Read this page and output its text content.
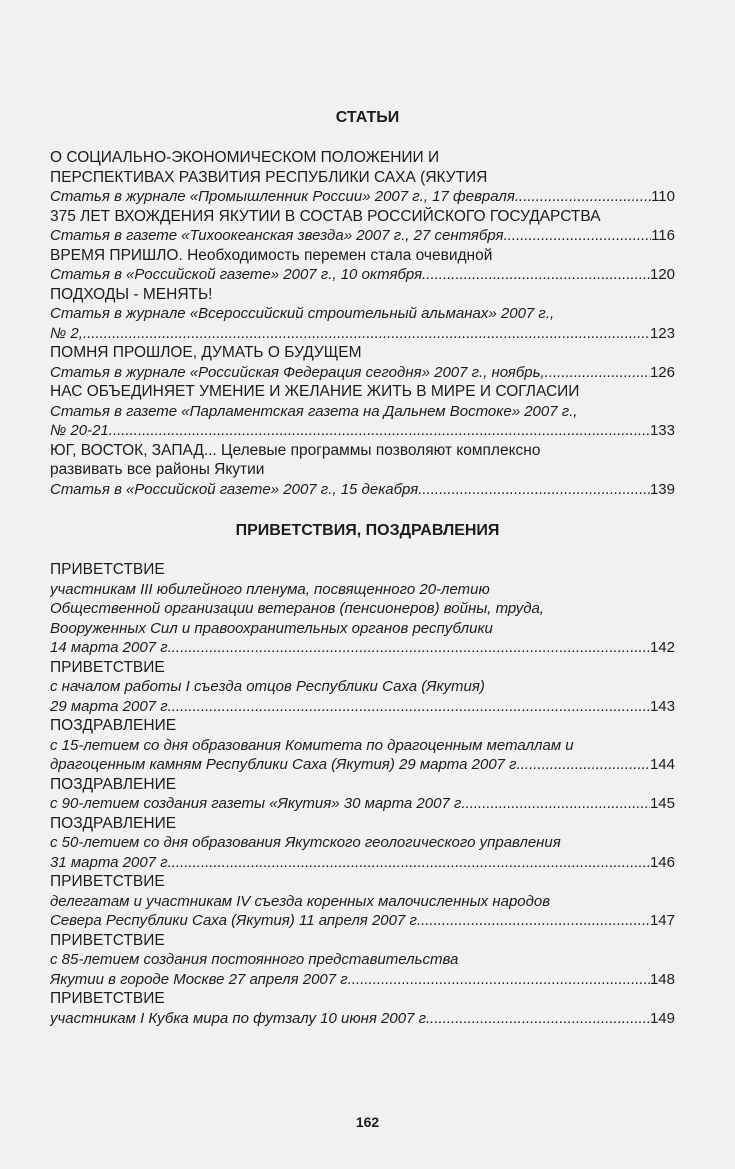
СТАТЬИ
О СОЦИАЛЬНО-ЭКОНОМИЧЕСКОМ ПОЛОЖЕНИИ И
ПЕРСПЕКТИВАХ РАЗВИТИЯ РЕСПУБЛИКИ САХА (ЯКУТИЯ
Статья в журнале «Промышленник России» 2007 г., 17 февраля .....	110
375 ЛЕТ ВХОЖДЕНИЯ ЯКУТИИ В СОСТАВ РОССИЙСКОГО ГОСУДАРСТВА
Статья в газете «Тихоокеанская звезда» 2007 г., 27 сентября .....	116
ВРЕМЯ ПРИШЛО. Необходимость перемен стала очевидной
Статья в «Российской газете» 2007 г., 10 октября .....	120
ПОДХОДЫ - МЕНЯТЬ!
Статья в журнале «Всероссийский строительный альманах» 2007 г.,
№ 2, .....	123
ПОМНЯ ПРОШЛОЕ, ДУМАТЬ О БУДУЩЕМ
Статья в журнале «Российская Федерация сегодня» 2007 г., ноябрь, .....	126
НАС ОБЪЕДИНЯЕТ УМЕНИЕ И ЖЕЛАНИЕ ЖИТЬ В МИРЕ И СОГЛАСИИ
Статья в газете «Парламентская газета на Дальнем Востоке» 2007 г.,
№ 20-21. .....	133
ЮГ, ВОСТОК, ЗАПАД... Целевые программы позволяют комплексно
развивать все районы Якутии
Статья в «Российской газете» 2007 г., 15 декабря .....	139
ПРИВЕТСТВИЯ, ПОЗДРАВЛЕНИЯ
ПРИВЕТСТВИЕ
участникам III юбилейного пленума, посвященного 20-летию
Общественной организации ветеранов (пенсионеров) войны, труда,
Вооруженных Сил и правоохранительных органов республики
14 марта 2007 г. .....	142
ПРИВЕТСТВИЕ
с началом работы I съезда отцов Республики Саха (Якутия)
29 марта 2007 г. .....	143
ПОЗДРАВЛЕНИЕ
с 15-летием со дня образования Комитета по драгоценным металлам и
драгоценным камням Республики Саха (Якутия) 29 марта 2007 г. .....	144
ПОЗДРАВЛЕНИЕ
с 90-летием создания газеты «Якутия» 30 марта 2007 г. .....	145
ПОЗДРАВЛЕНИЕ
с 50-летием со дня образования Якутского геологического управления
31 марта 2007 г. .....	146
ПРИВЕТСТВИЕ
делегатам и участникам IV съезда коренных малочисленных народов
Севера Республики Саха (Якутия) 11 апреля 2007 г. .....	147
ПРИВЕТСТВИЕ
с 85-летием создания постоянного представительства
Якутии в городе Москве 27 апреля 2007 г. .....	148
ПРИВЕТСТВИЕ
участникам I Кубка мира по футзалу 10 июня 2007 г. .....	149
162
